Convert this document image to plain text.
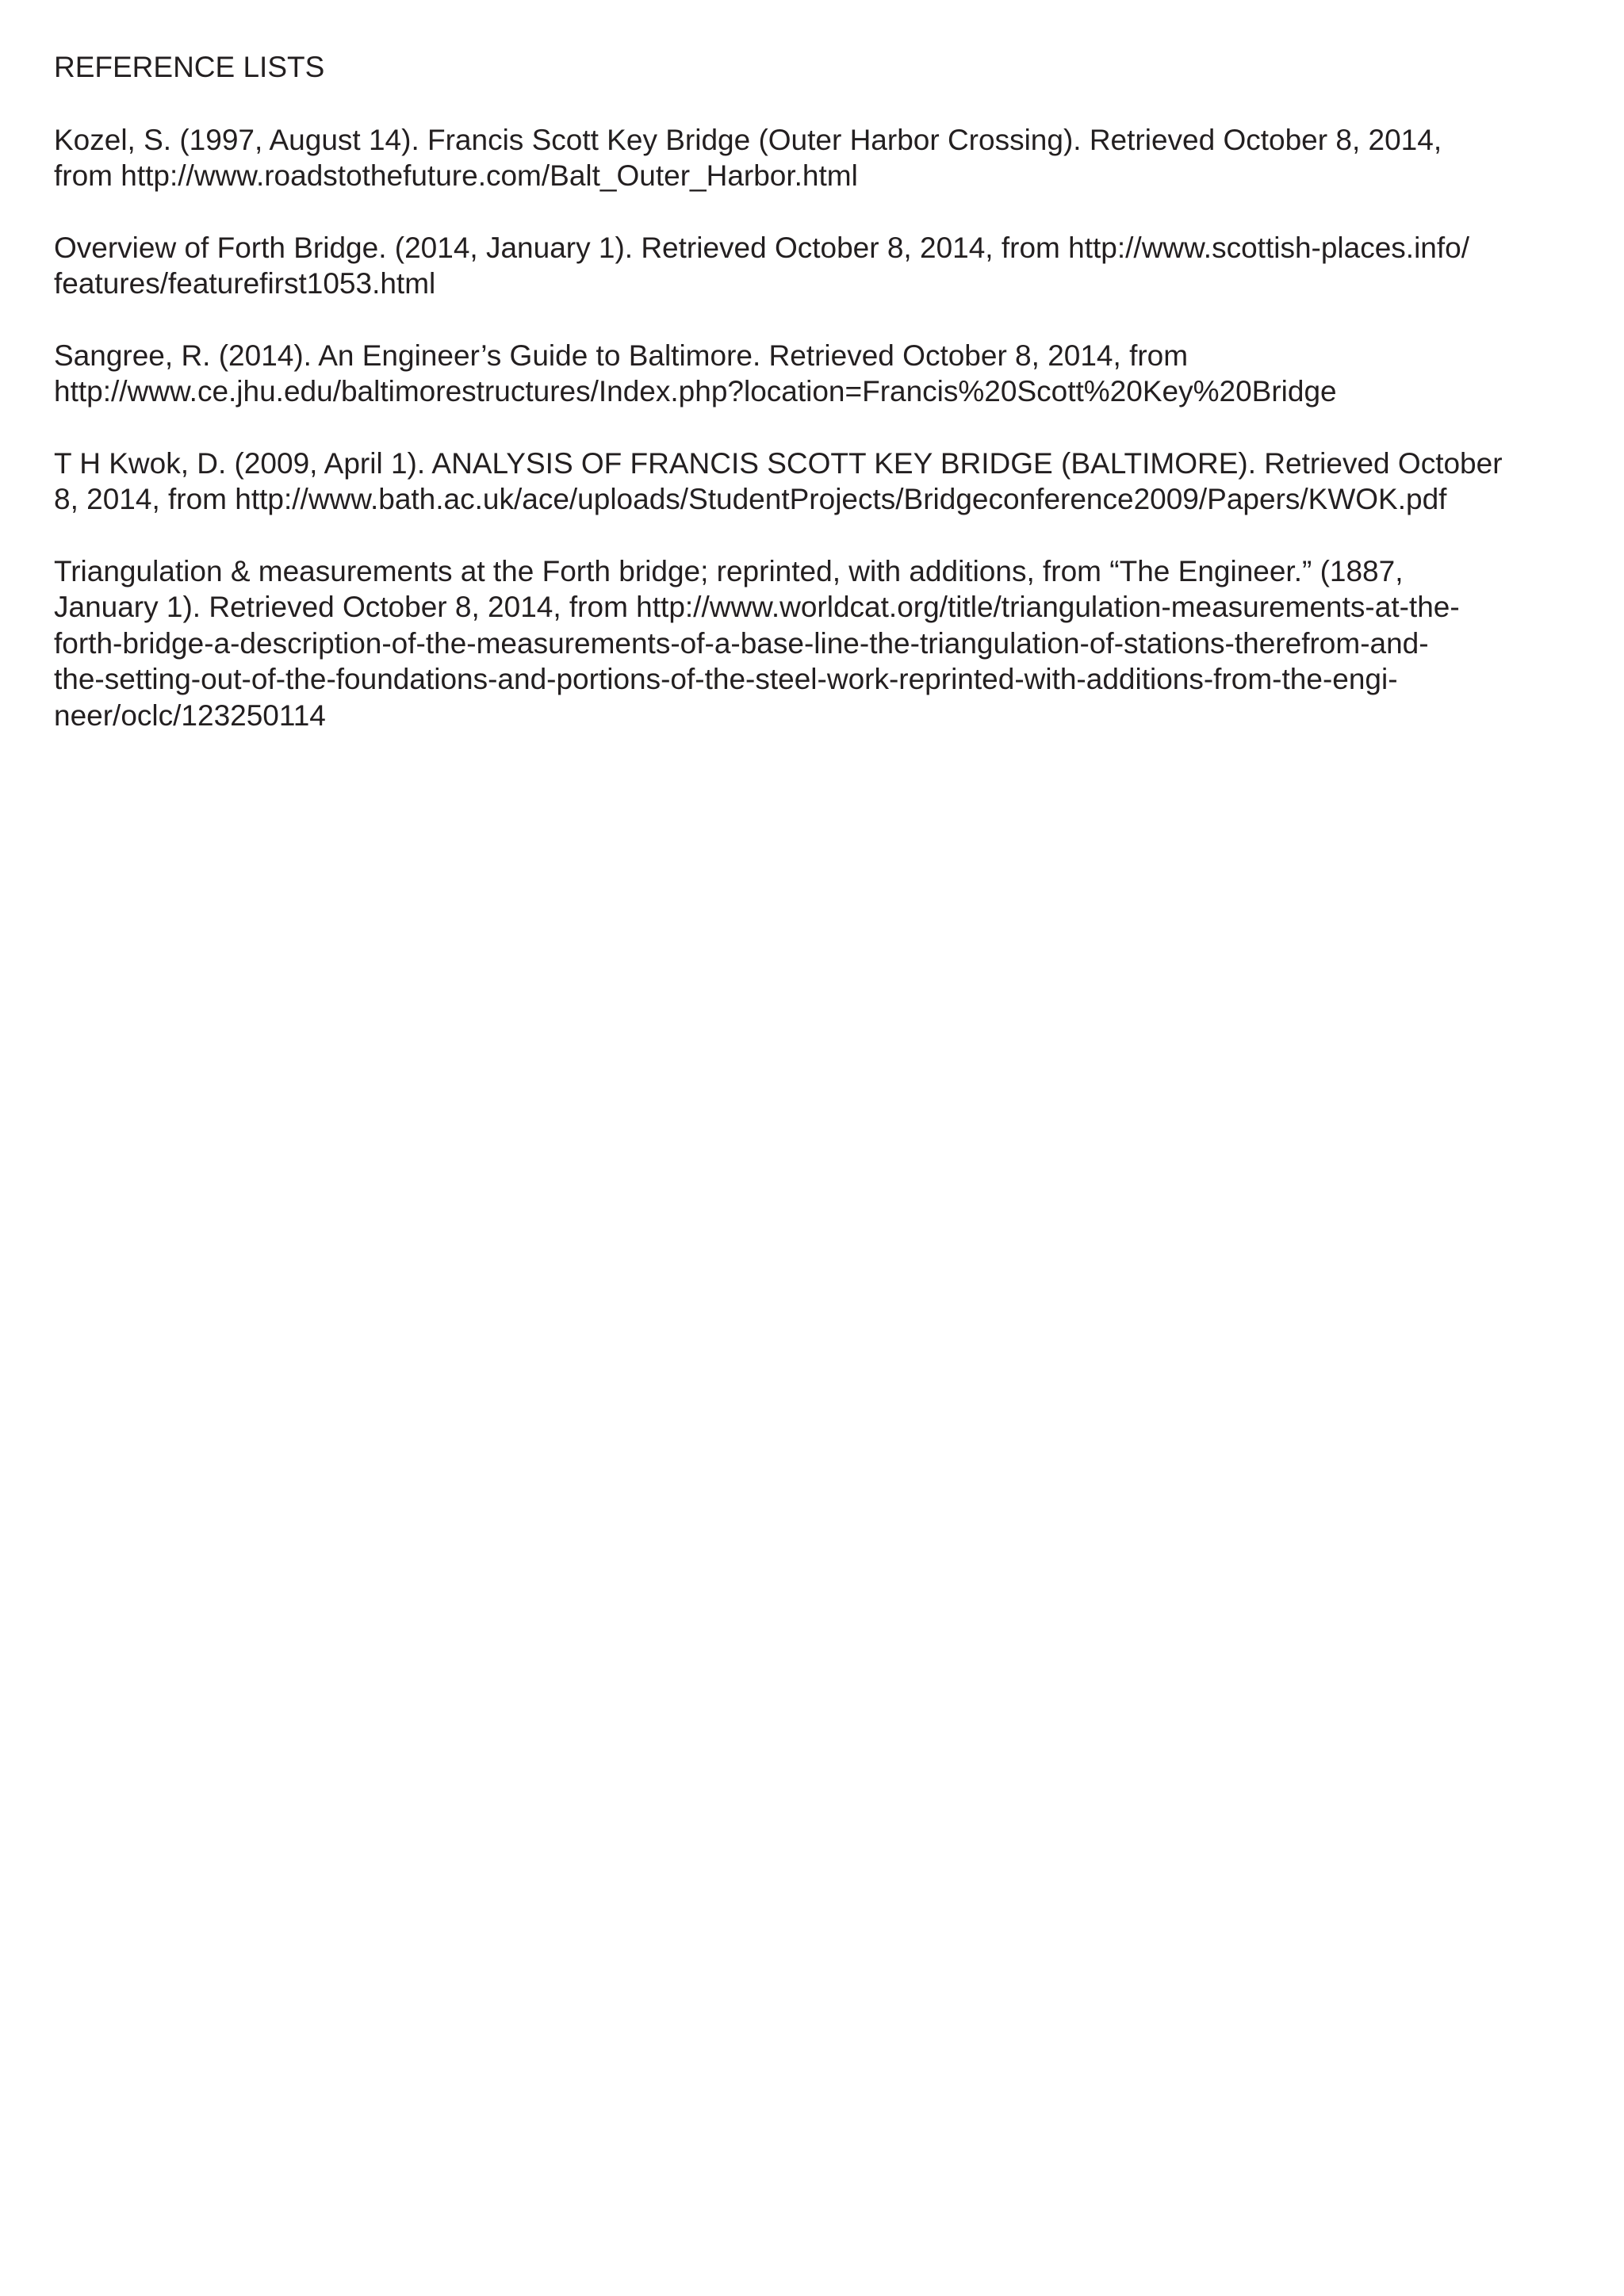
REFERENCE LISTS
Kozel, S. (1997, August 14). Francis Scott Key Bridge (Outer Harbor Crossing). Retrieved October 8, 2014,
from http://www.roadstothefuture.com/Balt_Outer_Harbor.html
Overview of Forth Bridge. (2014, January 1). Retrieved October 8, 2014, from http://www.scottish-places.info/
features/featurefirst1053.html
Sangree, R. (2014). An Engineer’s Guide to Baltimore. Retrieved October 8, 2014, from
http://www.ce.jhu.edu/baltimorestructures/Index.php?location=Francis%20Scott%20Key%20Bridge
T H Kwok, D. (2009, April 1). ANALYSIS OF FRANCIS SCOTT KEY BRIDGE (BALTIMORE). Retrieved October
8, 2014, from http://www.bath.ac.uk/ace/uploads/StudentProjects/Bridgeconference2009/Papers/KWOK.pdf
Triangulation & measurements at the Forth bridge; reprinted, with additions, from “The Engineer.” (1887,
January 1). Retrieved October 8, 2014, from http://www.worldcat.org/title/triangulation-measurements-at-the-
forth-bridge-a-description-of-the-measurements-of-a-base-line-the-triangulation-of-stations-therefrom-and-
the-setting-out-of-the-foundations-and-portions-of-the-steel-work-reprinted-with-additions-from-the-engi-
neer/oclc/123250114
